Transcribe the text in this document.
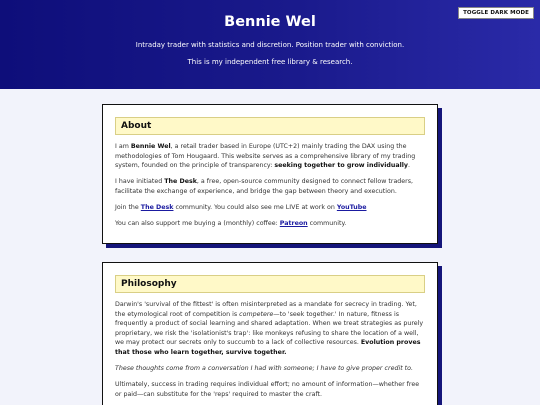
TOGGLE DARK MODE
Bennie Wel
Intraday trader with statistics and discretion. Position trader with conviction.
This is my independent free library & research.
About

I am Bennie Wel, a retail trader based in Europe (UTC+2) mainly trading the DAX using the methodologies of Tom Hougaard. This website serves as a comprehensive library of my trading system, founded on the principle of transparency: seeking together to grow individually.

I have initiated The Desk, a free, open-source community designed to connect fellow traders, facilitate the exchange of experience, and bridge the gap between theory and execution.

Join the The Desk community. You could also see me LIVE at work on YouTube

You can also support me buying a (monthly) coffee: Patreon community.

Philosophy

Darwin's 'survival of the fittest' is often misinterpreted as a mandate for secrecy in trading. Yet, the etymological root of competition is competere—to 'seek together.' In nature, fitness is frequently a product of social learning and shared adaptation. When we treat strategies as purely proprietary, we risk the 'isolationist's trap': like monkeys refusing to share the location of a well, we may protect our secrets only to succumb to a lack of collective resources. Evolution proves that those who learn together, survive together.

These thoughts come from a conversation I had with someone; I have to give proper credit to.

Ultimately, success in trading requires individual effort; no amount of information—whether free or paid—can substitute for the 'reps' required to master the craft.
